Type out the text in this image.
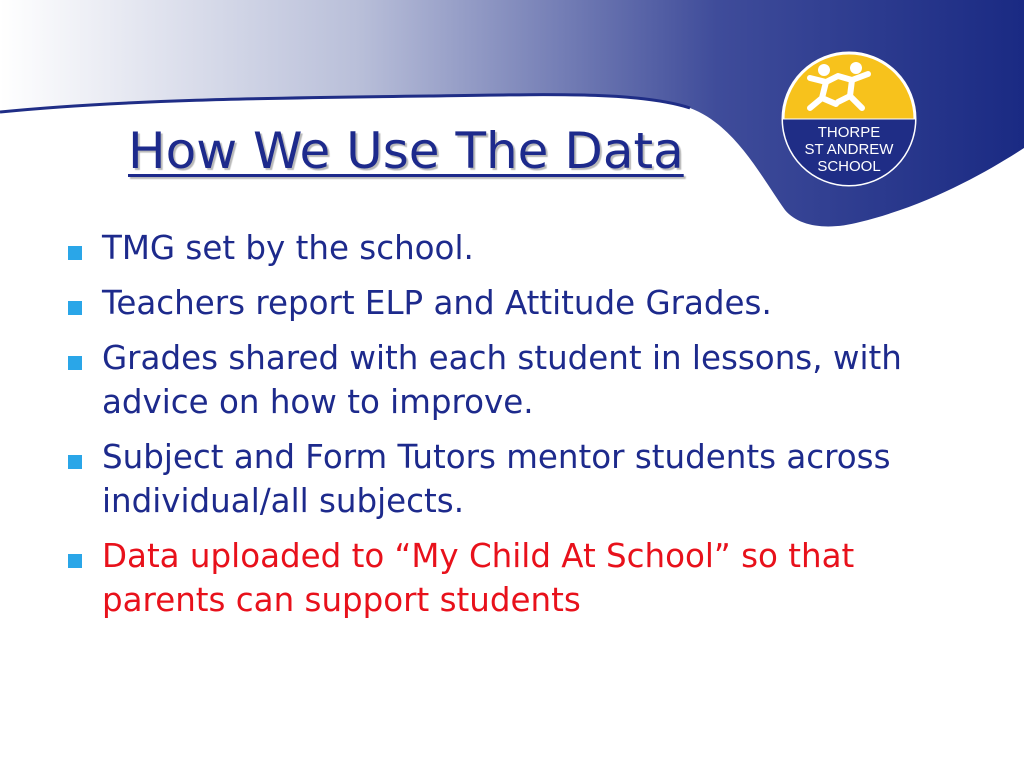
How We Use The Data	THORPE
ST ANDREW
SCHOOL
TMG set by the school.
Teachers report ELP and Attitude Grades.
Grades shared with each student in lessons, with advice on how to improve.
Subject and Form Tutors mentor students across individual/all subjects.
Data uploaded to “My Child At School” so that parents can support students
